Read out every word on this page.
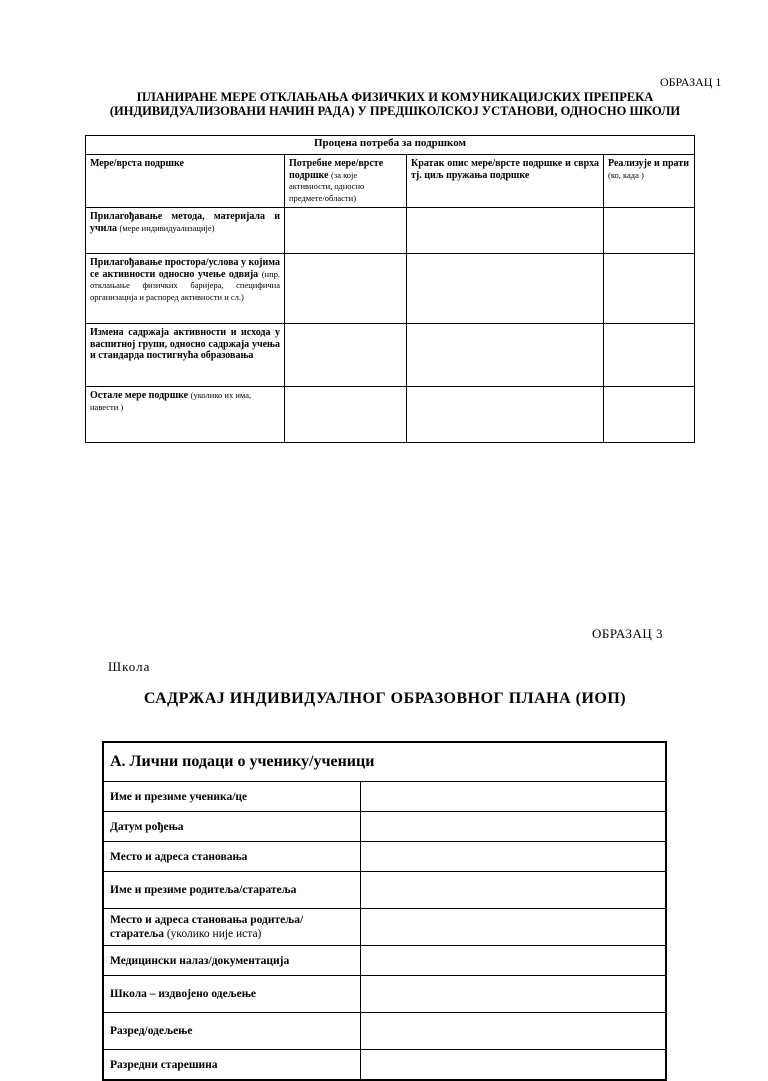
ОБРАЗАЦ 1
ПЛАНИРАНЕ МЕРЕ ОТКЛАЊАЊА ФИЗИЧКИХ И КОМУНИКАЦИЈСКИХ ПРЕПРЕКА
(ИНДИВИДУАЛИЗОВАНИ НАЧИН РАДА) У ПРЕДШКОЛСКОЈ УСТАНОВИ, ОДНОСНО ШКОЛИ
Процена потреба за подршком			
Мере/врста подршке	Потребне мере/врсте подршке (за које активности, односно предмете/области)	Кратак опис мере/врсте подршке и сврха тј. циљ пружања подршке	Реализује и прати (ко, када )
Прилагођавање метода, материјала и учила (мере индивидуализације)			
Прилагођавање простора/услова у којима се активности односно учење одвија (нпр. отклањање физичких баријера, специфична организација и распоред активности и сл.)			
Измена садржаја активности и исхода у васпитној групи, односно садржаја учења и стандарда постигнућа образовања			
Остале мере подршке (уколико их има, навести )			
ОБРАЗАЦ 3
Школа
САДРЖАЈ ИНДИВИДУАЛНОГ ОБРАЗОВНОГ ПЛАНА (ИОП)
А. Лични подаци о ученику/ученици	
Име и презиме ученика/це	
Датум рођења	
Место и адреса становања	
Име и презиме родитеља/старатеља	
Место и адреса становања родитеља/старатеља (уколико није иста)	
Медицински налаз/документација	
Школа – издвојено одељење	
Разред/одељење	
Разредни старешина	
